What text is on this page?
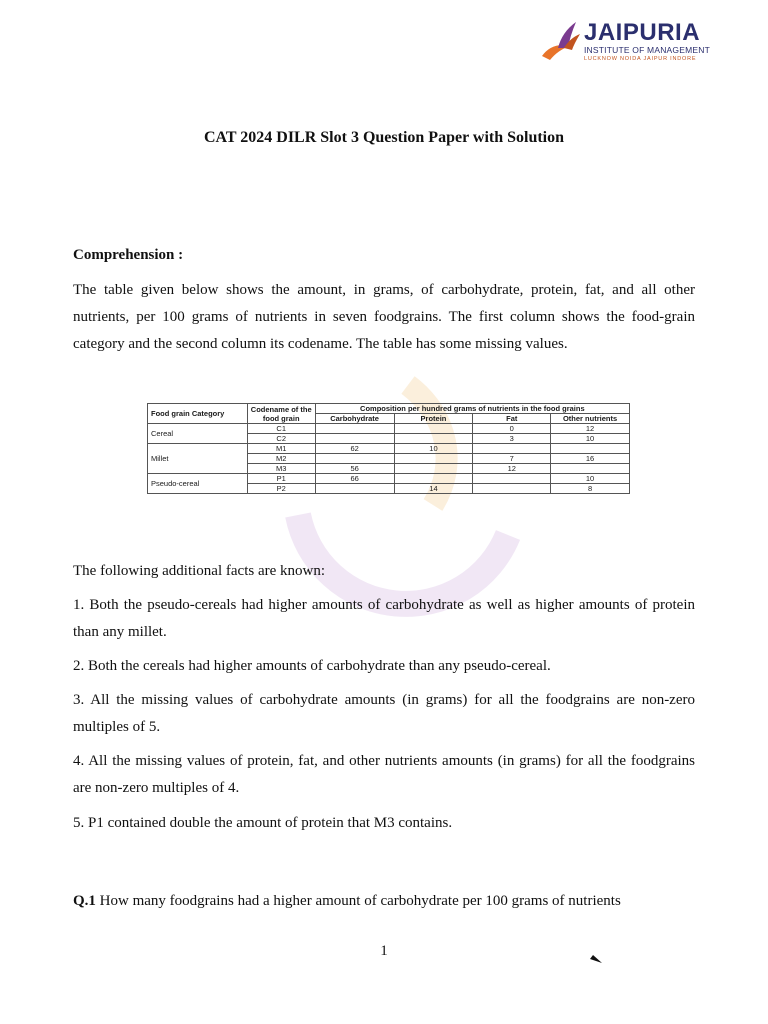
JAIPURIA
INSTITUTE OF MANAGEMENT
LUCKNOW NOIDA JAIPUR INDORE
CAT 2024 DILR Slot 3 Question Paper with Solution
Comprehension :
The table given below shows the amount, in grams, of carbohydrate, protein, fat, and all other nutrients, per 100 grams of nutrients in seven foodgrains. The first column shows the food-grain category and the second column its codename. The table has some missing values.
Food grain Category	Codename of the food grain	Composition per hundred grams of nutrients in the food grains			
		Carbohydrate	Protein	Fat	Other nutrients
Cereal	C1			0	12
	C2			3	10
Millet	M1	62	10		
	M2			7	16
	M3	56		12	
Pseudo-cereal	P1	66			10
	P2		14		8
The following additional facts are known:
1. Both the pseudo-cereals had higher amounts of carbohydrate as well as higher amounts of protein than any millet.
2. Both the cereals had higher amounts of carbohydrate than any pseudo-cereal.
3. All the missing values of carbohydrate amounts (in grams) for all the foodgrains are non-zero multiples of 5.
4. All the missing values of protein, fat, and other nutrients amounts (in grams) for all the foodgrains are non-zero multiples of 4.
5. P1 contained double the amount of protein that M3 contains.
Q.1 How many foodgrains had a higher amount of carbohydrate per 100 grams of nutrients
1
